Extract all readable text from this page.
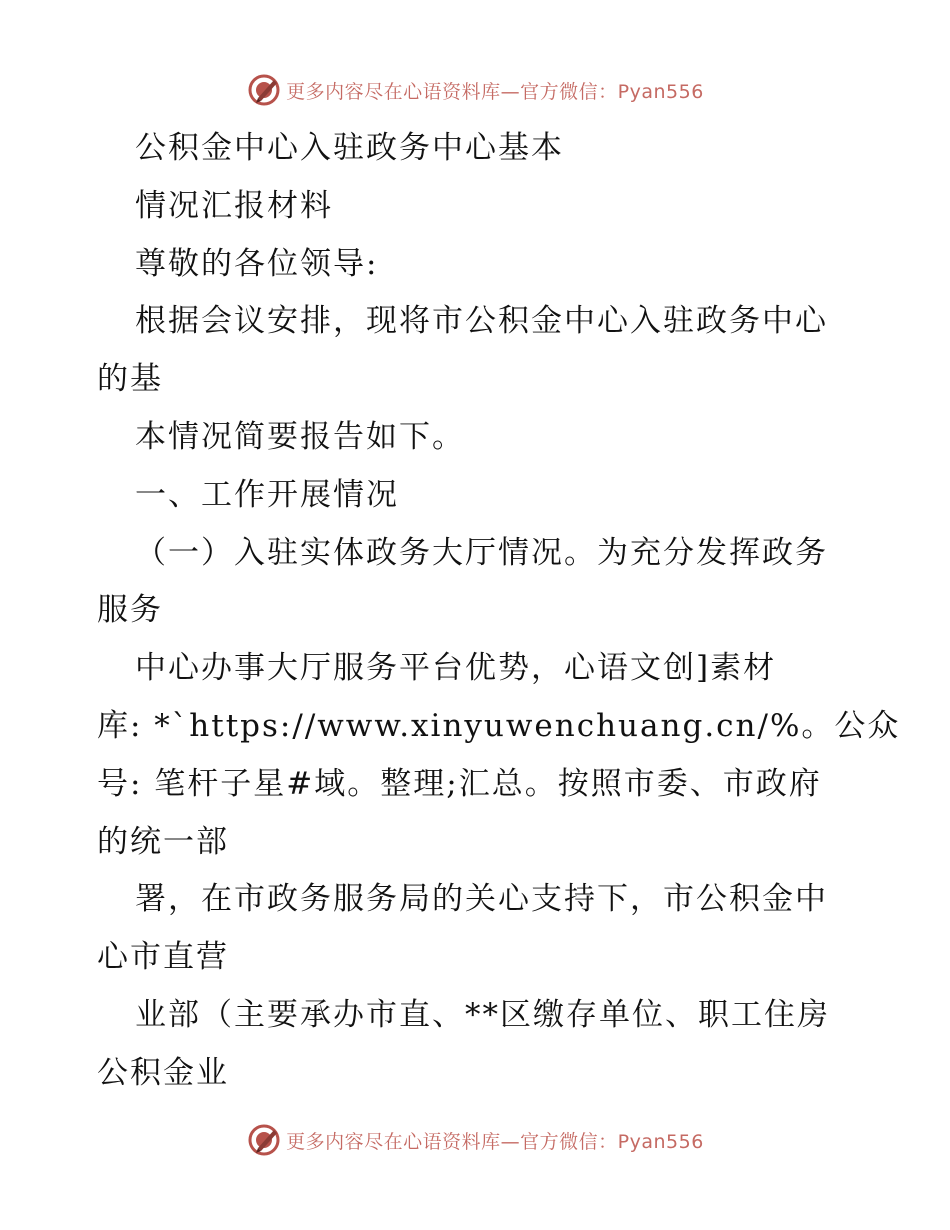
更多内容尽在心语资料库—官方微信：Pyan556
公积金中心入驻政务中心基本
情况汇报材料
尊敬的各位领导:
根据会议安排，现将市公积金中心入驻政务中心
的基
本情况简要报告如下。
一、工作开展情况
（一）入驻实体政务大厅情况。为充分发挥政务
服务
中心办事大厅服务平台优势，心语文创]素材
库: *`https://www.xinyuwenchuang.cn/%。公众
号: 笔杆子星#域。整理;汇总。按照市委、市政府
的统一部
署，在市政务服务局的关心支持下，市公积金中
心市直营
业部（主要承办市直、**区缴存单位、职工住房
公积金业
更多内容尽在心语资料库—官方微信：Pyan556
